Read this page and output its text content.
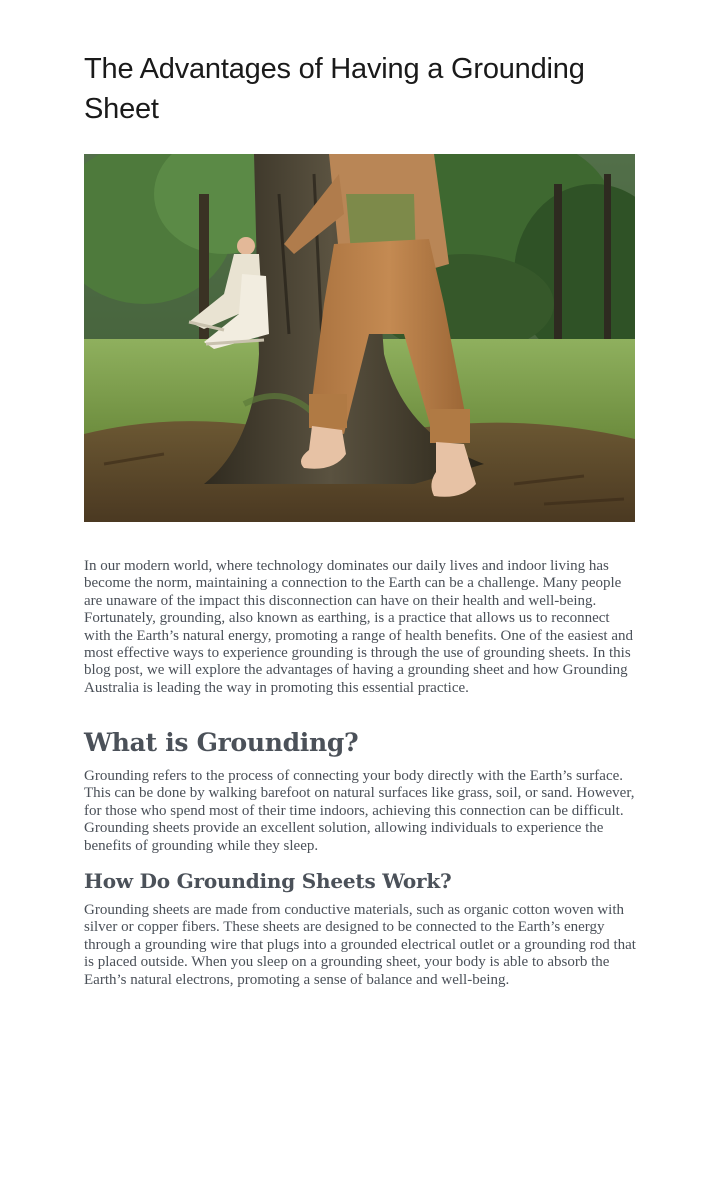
The Advantages of Having a Grounding Sheet

In our modern world, where technology dominates our daily lives and indoor living has become the norm, maintaining a connection to the Earth can be a challenge. Many people are unaware of the impact this disconnection can have on their health and well-being. Fortunately, grounding, also known as earthing, is a practice that allows us to reconnect with the Earth’s natural energy, promoting a range of health benefits. One of the easiest and most effective ways to experience grounding is through the use of grounding sheets. In this blog post, we will explore the advantages of having a grounding sheet and how Grounding Australia is leading the way in promoting this essential practice.

What is Grounding?

Grounding refers to the process of connecting your body directly with the Earth’s surface. This can be done by walking barefoot on natural surfaces like grass, soil, or sand. However, for those who spend most of their time indoors, achieving this connection can be difficult. Grounding sheets provide an excellent solution, allowing individuals to experience the benefits of grounding while they sleep.

How Do Grounding Sheets Work?

Grounding sheets are made from conductive materials, such as organic cotton woven with silver or copper fibers. These sheets are designed to be connected to the Earth’s energy through a grounding wire that plugs into a grounded electrical outlet or a grounding rod that is placed outside. When you sleep on a grounding sheet, your body is able to absorb the Earth’s natural electrons, promoting a sense of balance and well-being.
